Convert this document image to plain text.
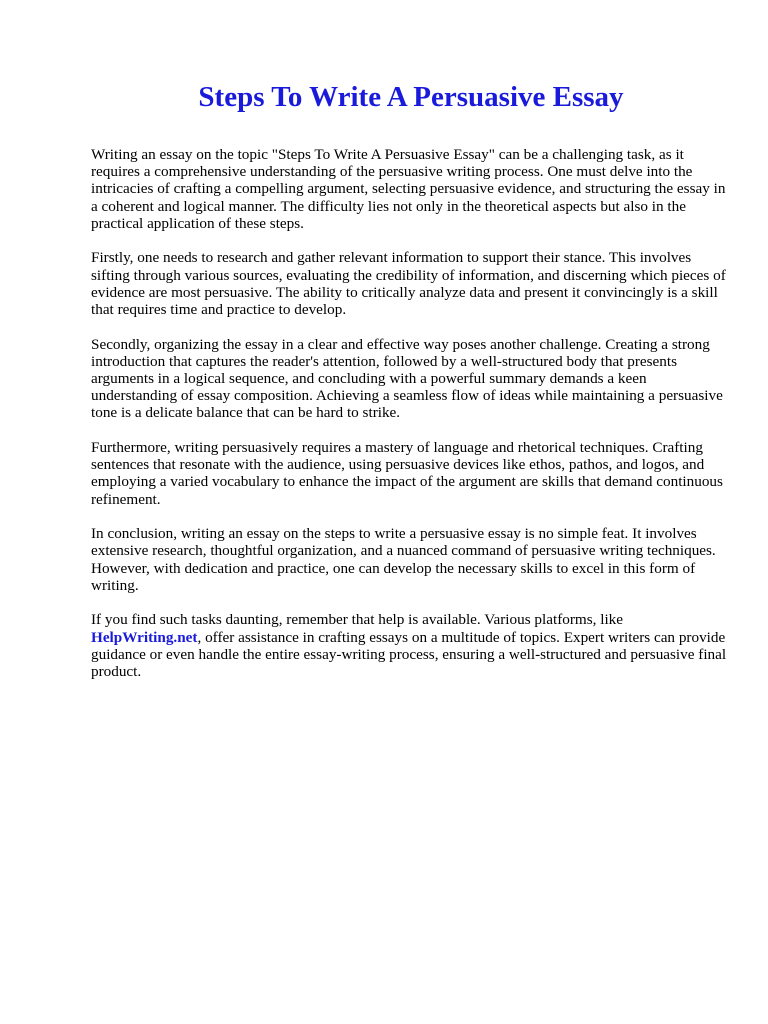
Steps To Write A Persuasive Essay

Writing an essay on the topic "Steps To Write A Persuasive Essay" can be a challenging task, as it requires a comprehensive understanding of the persuasive writing process. One must delve into the intricacies of crafting a compelling argument, selecting persuasive evidence, and structuring the essay in a coherent and logical manner. The difficulty lies not only in the theoretical aspects but also in the practical application of these steps.

Firstly, one needs to research and gather relevant information to support their stance. This involves sifting through various sources, evaluating the credibility of information, and discerning which pieces of evidence are most persuasive. The ability to critically analyze data and present it convincingly is a skill that requires time and practice to develop.

Secondly, organizing the essay in a clear and effective way poses another challenge. Creating a strong introduction that captures the reader's attention, followed by a well-structured body that presents arguments in a logical sequence, and concluding with a powerful summary demands a keen understanding of essay composition. Achieving a seamless flow of ideas while maintaining a persuasive tone is a delicate balance that can be hard to strike.

Furthermore, writing persuasively requires a mastery of language and rhetorical techniques. Crafting sentences that resonate with the audience, using persuasive devices like ethos, pathos, and logos, and employing a varied vocabulary to enhance the impact of the argument are skills that demand continuous refinement.

In conclusion, writing an essay on the steps to write a persuasive essay is no simple feat. It involves extensive research, thoughtful organization, and a nuanced command of persuasive writing techniques. However, with dedication and practice, one can develop the necessary skills to excel in this form of writing.

If you find such tasks daunting, remember that help is available. Various platforms, like HelpWriting.net, offer assistance in crafting essays on a multitude of topics. Expert writers can provide guidance or even handle the entire essay-writing process, ensuring a well-structured and persuasive final product.
